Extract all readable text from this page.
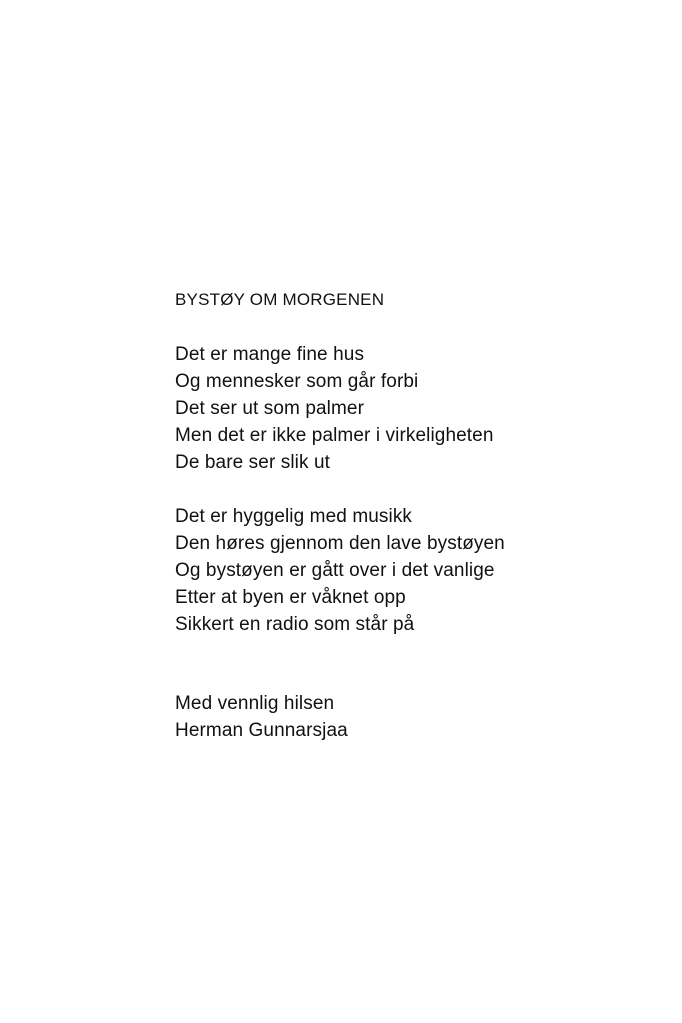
BYSTØY OM MORGENEN
Det er mange fine hus
Og mennesker som går forbi
Det ser ut som palmer
Men det er ikke palmer i virkeligheten
De bare ser slik ut
Det er hyggelig med musikk
Den høres gjennom den lave bystøyen
Og bystøyen er gått over i det vanlige
Etter at byen er våknet opp
Sikkert en radio som står på
Med vennlig hilsen
Herman Gunnarsjaa
